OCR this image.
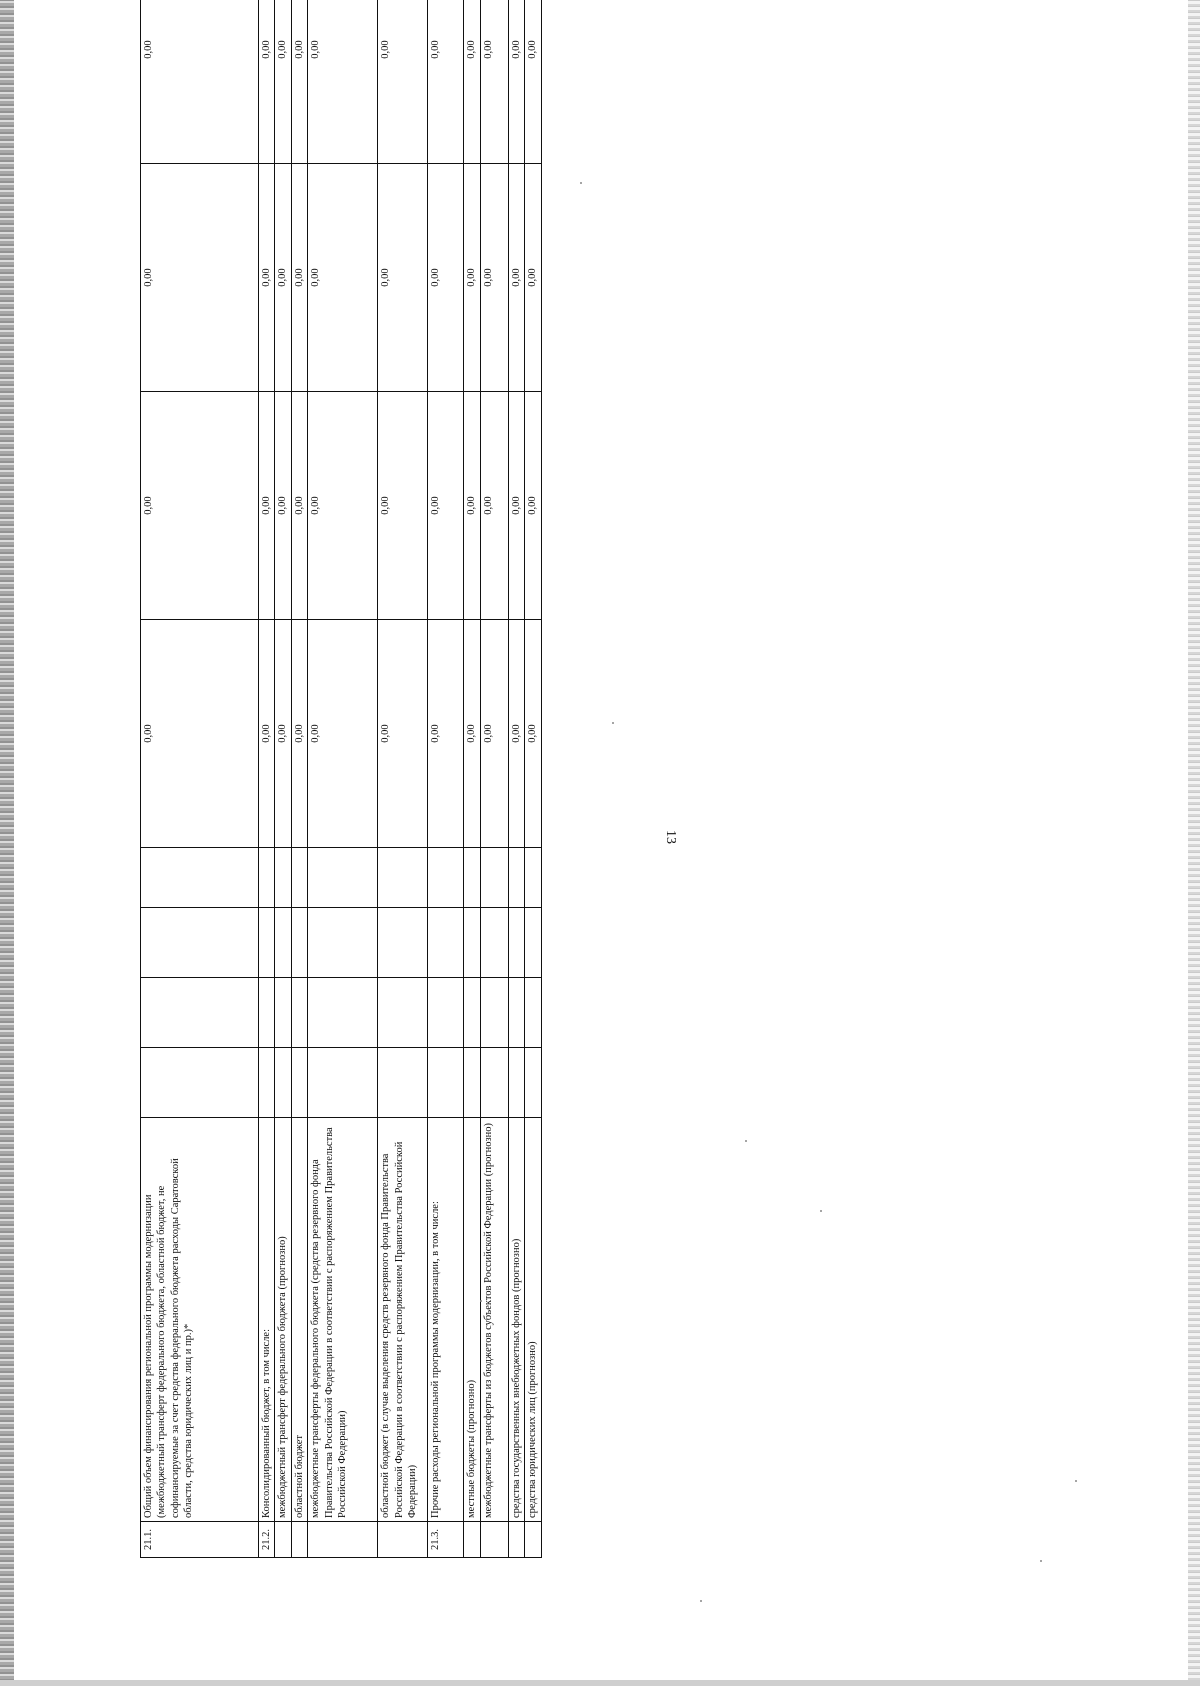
13
21.1.	Общий объем финансирования региональной программы модернизации (межбюджетный трансферт федерального бюджета, областной бюджет, не софинансируемые за счет средства федерального бюджета расходы Саратовской области, средства юридических лиц и пр.)*					0,00	0,00	0,00	0,00		
21.2.	Консолидированный бюджет, в том числе:					0,00	0,00	0,00	0,00		
	межбюджетный трансферт федерального бюджета (прогнозно)					0,00	0,00	0,00	0,00		
	областной бюджет					0,00	0,00	0,00	0,00		
	межбюджетные трансферты федерального бюджета (средства резервного фонда Правительства Российской Федерации в соответствии с распоряжением Правительства Российской Федерации)					0,00	0,00	0,00	0,00		
	областной бюджет (в случае выделения средств резервного фонда Правительства Российской Федерации в соответствии с распоряжением Правительства Российской Федерации)					0,00	0,00	0,00	0,00		
21.3.	Прочие расходы региональной программы модернизации, в том числе:					0,00	0,00	0,00	0,00		
	местные бюджеты (прогнозно)					0,00	0,00	0,00	0,00		
	межбюджетные трансферты из бюджетов субъектов Российской Федерации (прогнозно)					0,00	0,00	0,00	0,00		
	средства государственных внебюджетных фондов (прогнозно)					0,00	0,00	0,00	0,00		
	средства юридических лиц (прогнозно)					0,00	0,00	0,00	0,00		
